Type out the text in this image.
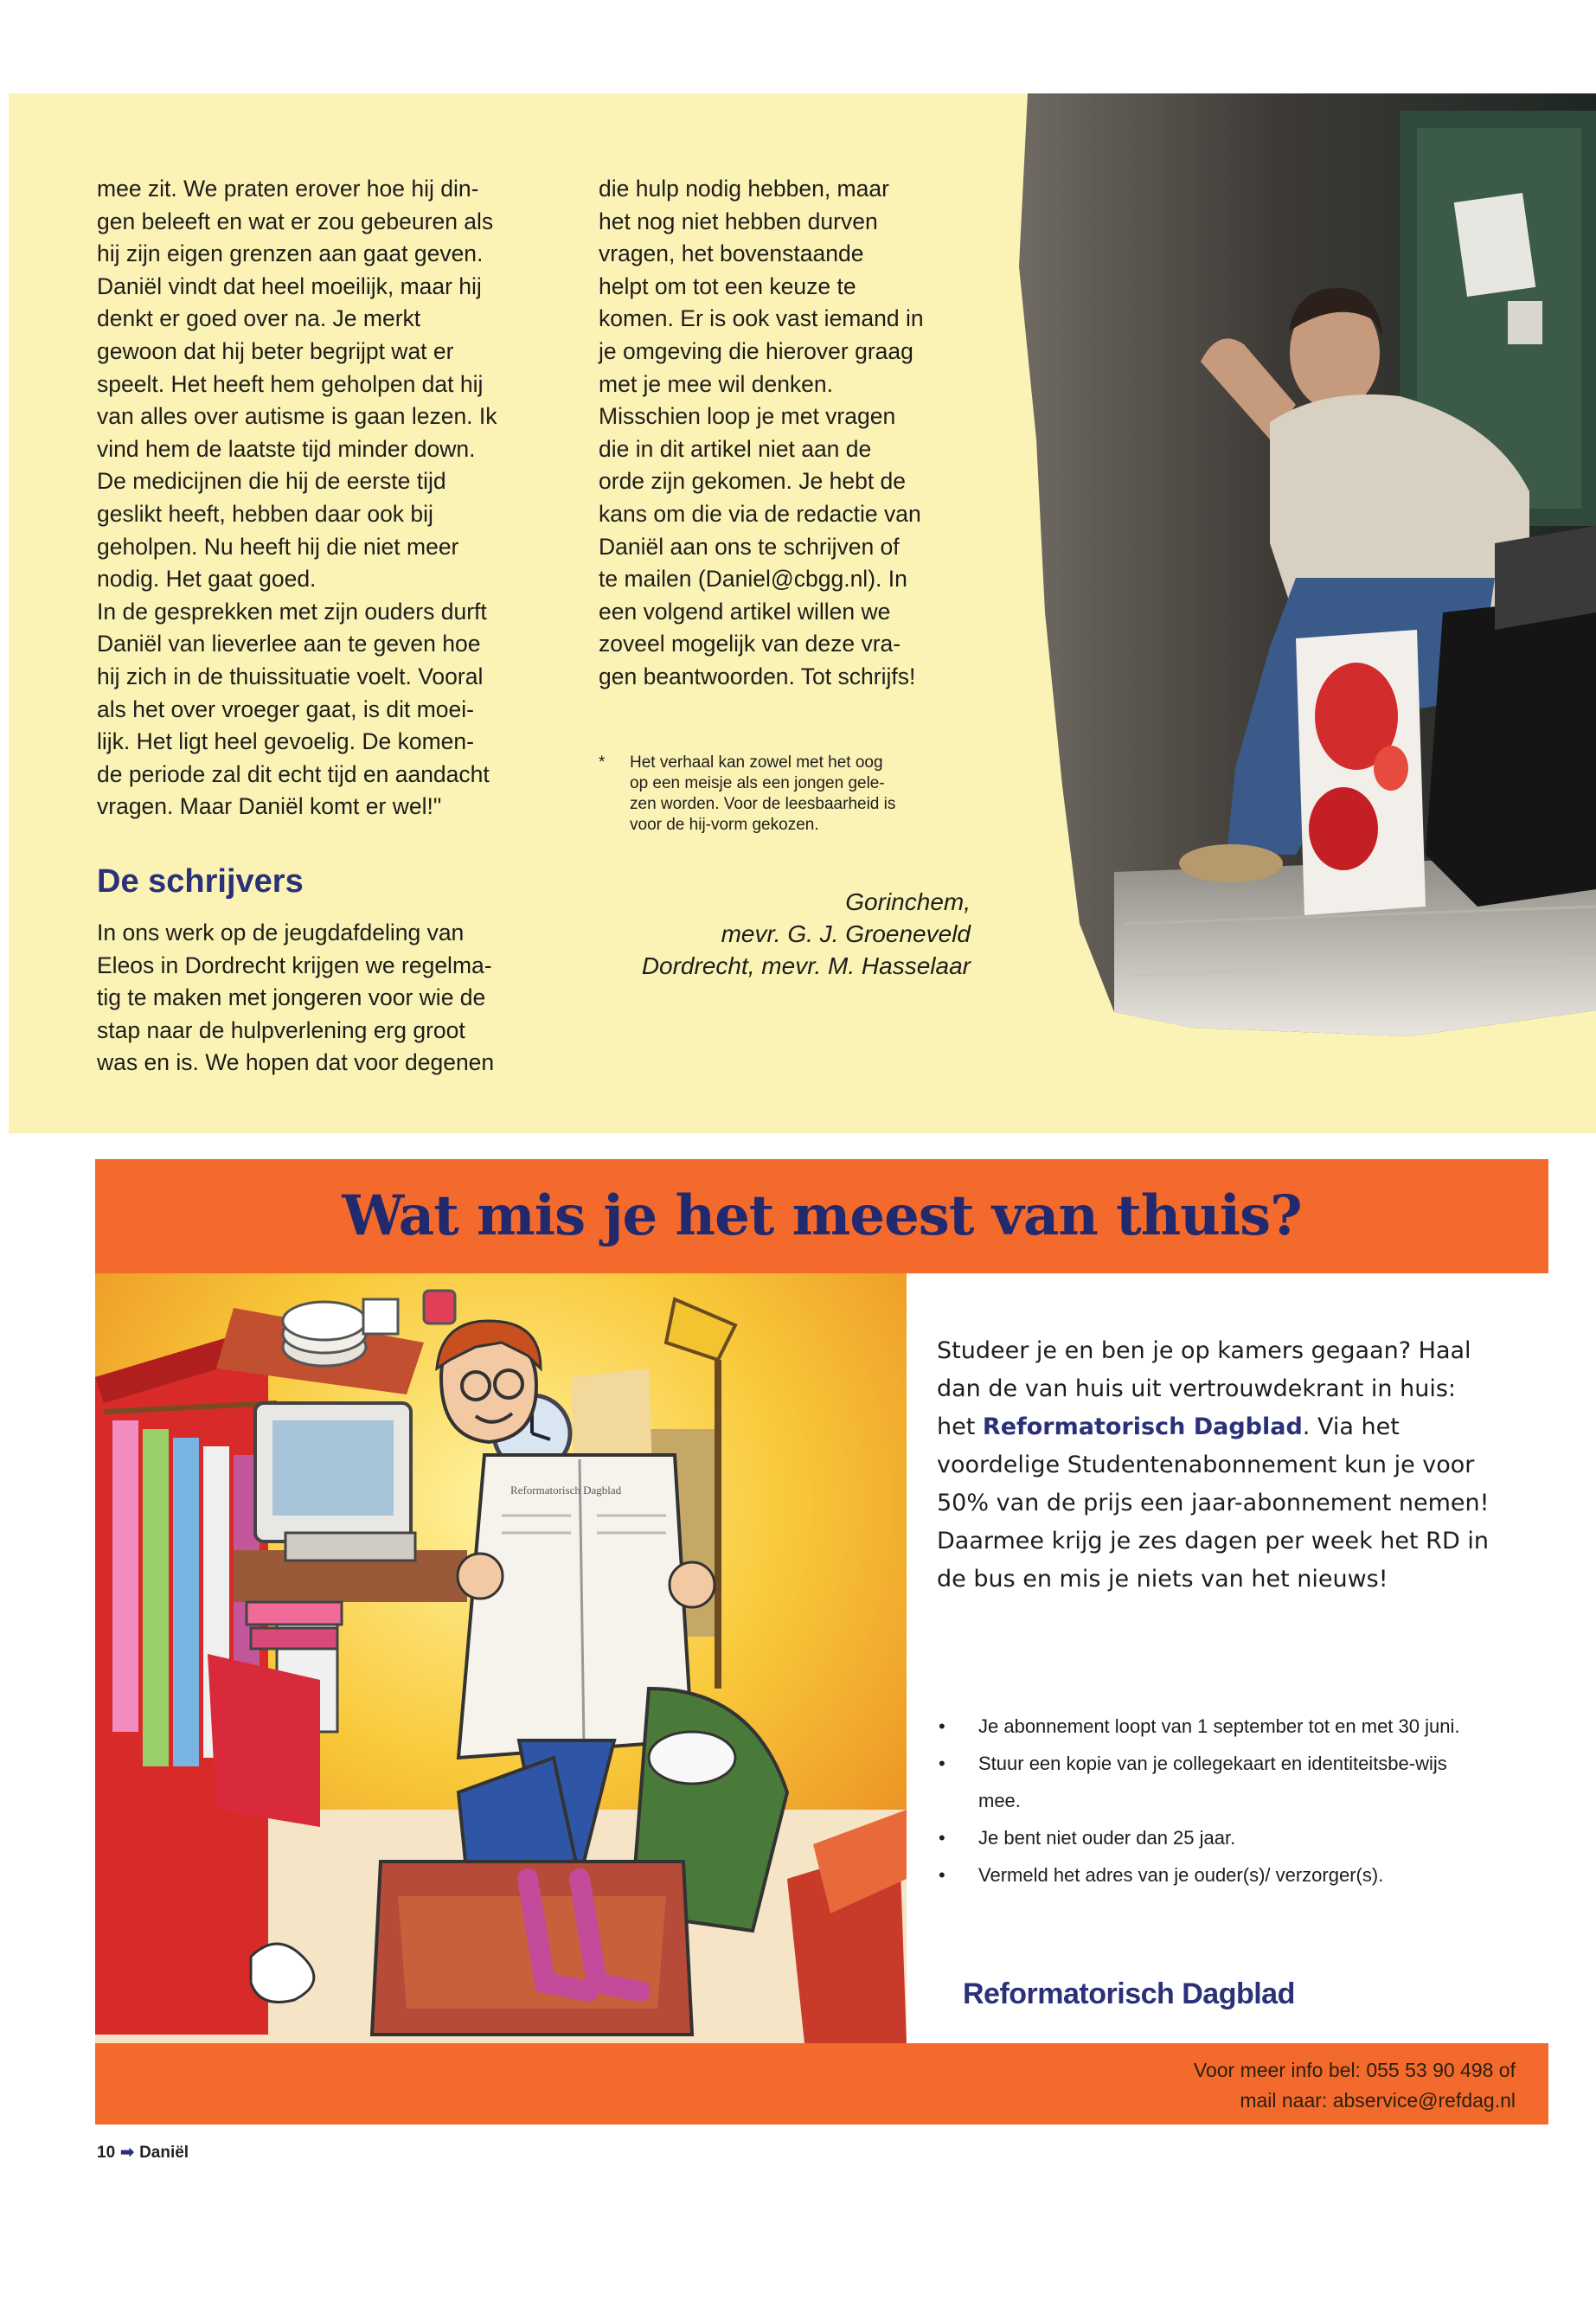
mee zit. We praten erover hoe hij din-

gen beleeft en wat er zou gebeuren als

hij zijn eigen grenzen aan gaat geven.

Daniël vindt dat heel moeilijk, maar hij

denkt er goed over na. Je merkt

gewoon dat hij beter begrijpt wat er

speelt. Het heeft hem geholpen dat hij

van alles over autisme is gaan lezen. Ik

vind hem de laatste tijd minder down.

De medicijnen die hij de eerste tijd

geslikt heeft, hebben daar ook bij

geholpen. Nu heeft hij die niet meer

nodig. Het gaat goed.

In de gesprekken met zijn ouders durft

Daniël van lieverlee aan te geven hoe

hij zich in de thuissituatie voelt. Vooral

als het over vroeger gaat, is dit moei-

lijk. Het ligt heel gevoelig. De komen-

de periode zal dit echt tijd en aandacht

vragen. Maar Daniël komt er wel!"

De schrijvers

In ons werk op de jeugdafdeling van

Eleos in Dordrecht krijgen we regelma-

tig te maken met jongeren voor wie de

stap naar de hulpverlening erg groot

was en is. We hopen dat voor degenen

die hulp nodig hebben, maar

het nog niet hebben durven

vragen, het bovenstaande

helpt om tot een keuze te

komen. Er is ook vast iemand in

je omgeving die hierover graag

met je mee wil denken.

Misschien loop je met vragen

die in dit artikel niet aan de

orde zijn gekomen. Je hebt de

kans om die via de redactie van

Daniël aan ons te schrijven of

te mailen (Daniel@cbgg.nl). In

een volgend artikel willen we

zoveel mogelijk van deze vra-

gen beantwoorden. Tot schrijfs!

* Het verhaal kan zowel met het oog

op een meisje als een jongen gele-

zen worden. Voor de leesbaarheid is

voor de hij-vorm gekozen.

Gorinchem,
mevr. G. J. Groeneveld
Dordrecht, mevr. M. Hasselaar
Wat mis je het meest van thuis?
Reformatorisch Dagblad

Studeer je en ben je op kamers gegaan? Haal dan de van huis uit vertrouwdekrant in huis: het Reformatorisch Dagblad. Via het voordelige Studentenabonnement kun je voor 50% van de prijs een jaar-abonnement nemen! Daarmee krijg je zes dagen per week het RD in de bus en mis je niets van het nieuws!

• Je abonnement loopt van 1 september tot en met 30 juni.
• Stuur een kopie van je collegekaart en identiteitsbe-wijs mee.
• Je bent niet ouder dan 25 jaar.
• Vermeld het adres van je ouder(s)/ verzorger(s).
Reformatorisch Dagblad
Voor meer info bel: 055 53 90 498 of
mail naar: abservice@refdag.nl
10 ➡ Daniël
